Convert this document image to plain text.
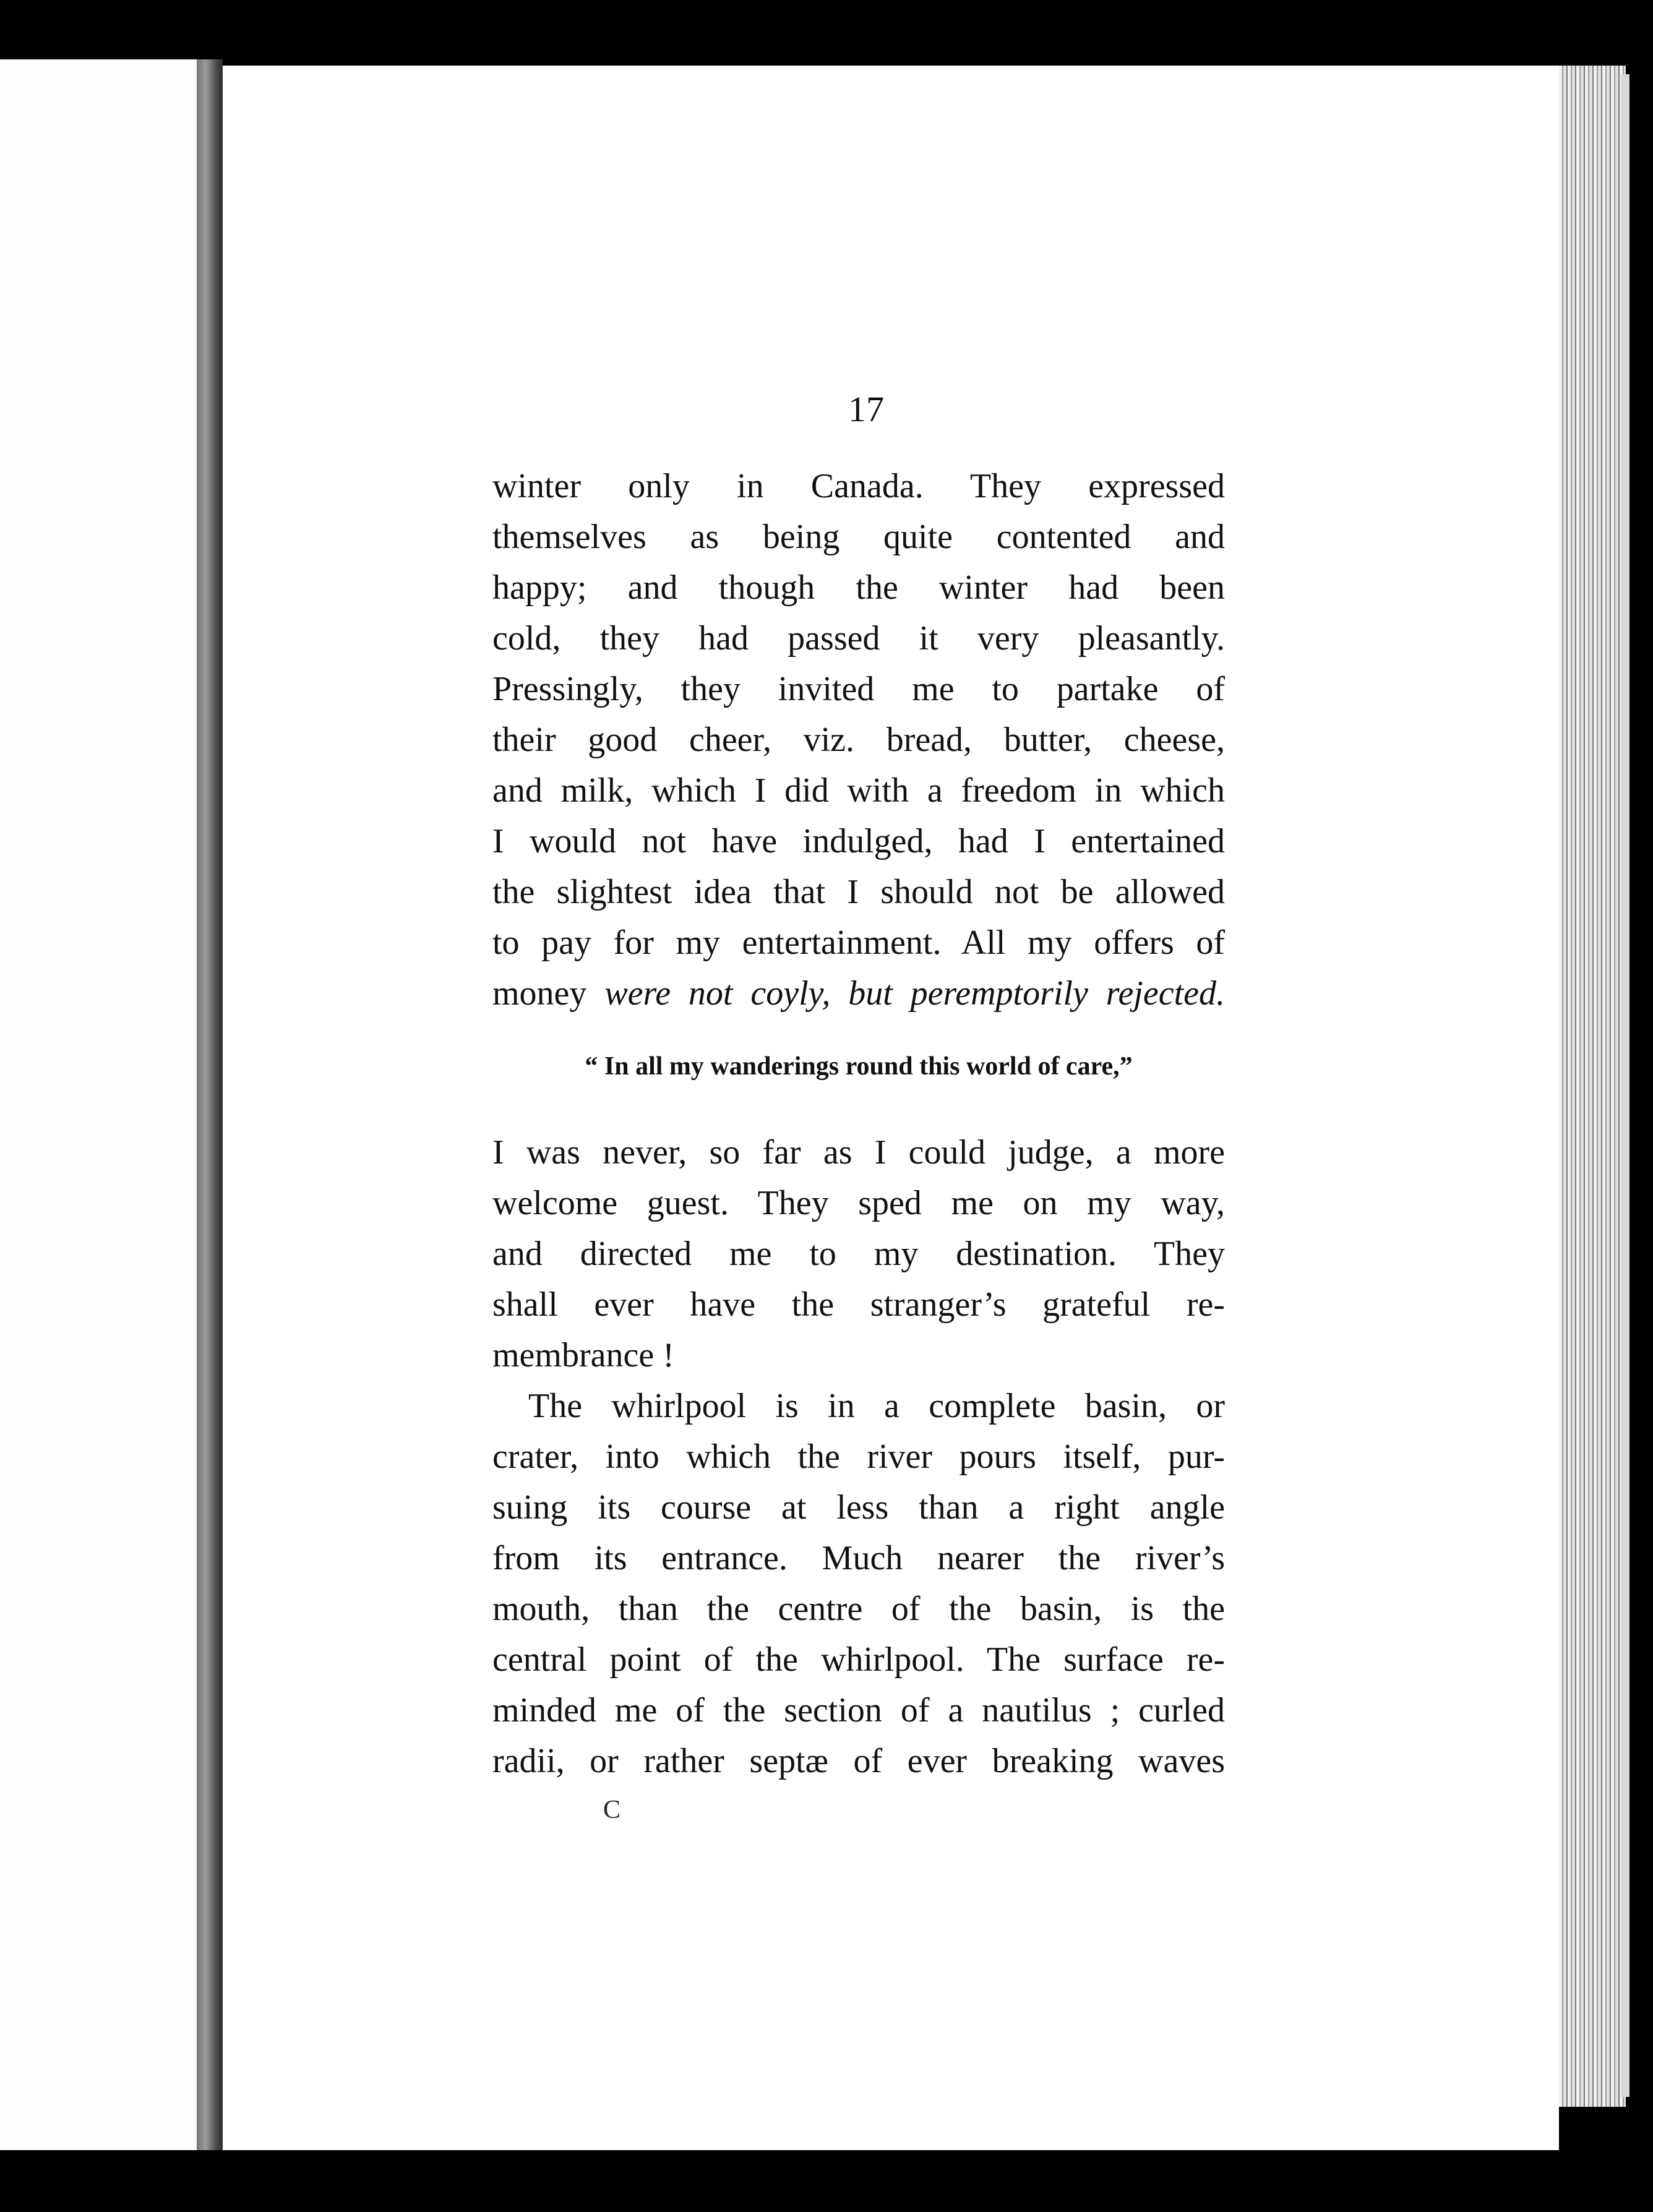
17
winter only in Canada. They expressed
themselves as being quite contented and
happy; and though the winter had been
cold, they had passed it very pleasantly.
Pressingly, they invited me to partake of
their good cheer, viz. bread, butter, cheese,
and milk, which I did with a freedom in which
I would not have indulged, had I entertained
the slightest idea that I should not be allowed
to pay for my entertainment. All my offers of
money were not coyly, but peremptorily rejected.
“ In all my wanderings round this world of care,”
I was never, so far as I could judge, a more
welcome guest. They sped me on my way,
and directed me to my destination. They
shall ever have the stranger’s grateful re-
membrance !
The whirlpool is in a complete basin, or
crater, into which the river pours itself, pur-
suing its course at less than a right angle
from its entrance. Much nearer the river’s
mouth, than the centre of the basin, is the
central point of the whirlpool. The surface re-
minded me of the section of a nautilus ; curled
radii, or rather septæ of ever breaking waves
C
